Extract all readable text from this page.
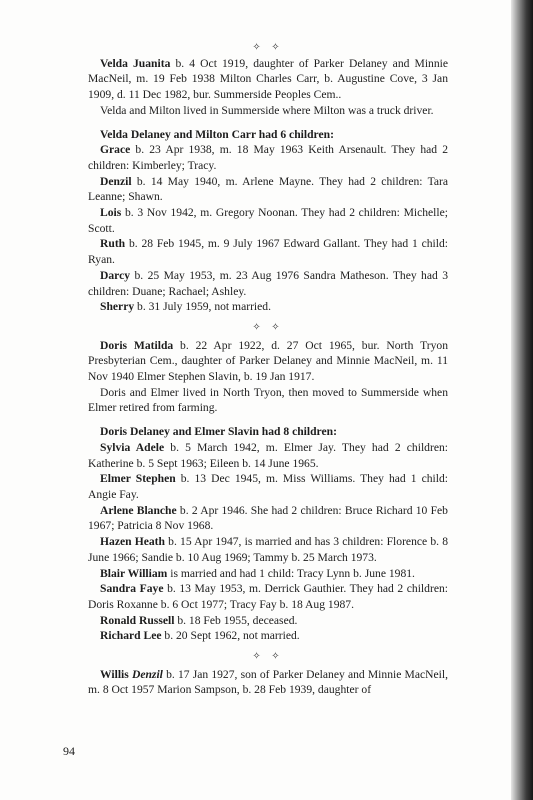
✧ ✧

Velda Juanita b. 4 Oct 1919, daughter of Parker Delaney and Minnie MacNeil, m. 19 Feb 1938 Milton Charles Carr, b. Augustine Cove, 3 Jan 1909, d. 11 Dec 1982, bur. Summerside Peoples Cem..

Velda and Milton lived in Summerside where Milton was a truck driver.

Velda Delaney and Milton Carr had 6 children:

Grace b. 23 Apr 1938, m. 18 May 1963 Keith Arsenault. They had 2 children: Kimberley; Tracy.

Denzil b. 14 May 1940, m. Arlene Mayne. They had 2 children: Tara Leanne; Shawn.

Lois b. 3 Nov 1942, m. Gregory Noonan. They had 2 children: Michelle; Scott.

Ruth b. 28 Feb 1945, m. 9 July 1967 Edward Gallant. They had 1 child: Ryan.

Darcy b. 25 May 1953, m. 23 Aug 1976 Sandra Matheson. They had 3 children: Duane; Rachael; Ashley.

Sherry b. 31 July 1959, not married.

✧ ✧

Doris Matilda b. 22 Apr 1922, d. 27 Oct 1965, bur. North Tryon Presbyterian Cem., daughter of Parker Delaney and Minnie MacNeil, m. 11 Nov 1940 Elmer Stephen Slavin, b. 19 Jan 1917.

Doris and Elmer lived in North Tryon, then moved to Summerside when Elmer retired from farming.

Doris Delaney and Elmer Slavin had 8 children:

Sylvia Adele b. 5 March 1942, m. Elmer Jay. They had 2 children: Katherine b. 5 Sept 1963; Eileen b. 14 June 1965.

Elmer Stephen b. 13 Dec 1945, m. Miss Williams. They had 1 child: Angie Fay.

Arlene Blanche b. 2 Apr 1946. She had 2 children: Bruce Richard 10 Feb 1967; Patricia 8 Nov 1968.

Hazen Heath b. 15 Apr 1947, is married and has 3 children: Florence b. 8 June 1966; Sandie b. 10 Aug 1969; Tammy b. 25 March 1973.

Blair William is married and had 1 child: Tracy Lynn b. June 1981.

Sandra Faye b. 13 May 1953, m. Derrick Gauthier. They had 2 children: Doris Roxanne b. 6 Oct 1977; Tracy Fay b. 18 Aug 1987.

Ronald Russell b. 18 Feb 1955, deceased.

Richard Lee b. 20 Sept 1962, not married.

✧ ✧

Willis Denzil b. 17 Jan 1927, son of Parker Delaney and Minnie MacNeil, m. 8 Oct 1957 Marion Sampson, b. 28 Feb 1939, daughter of

94
